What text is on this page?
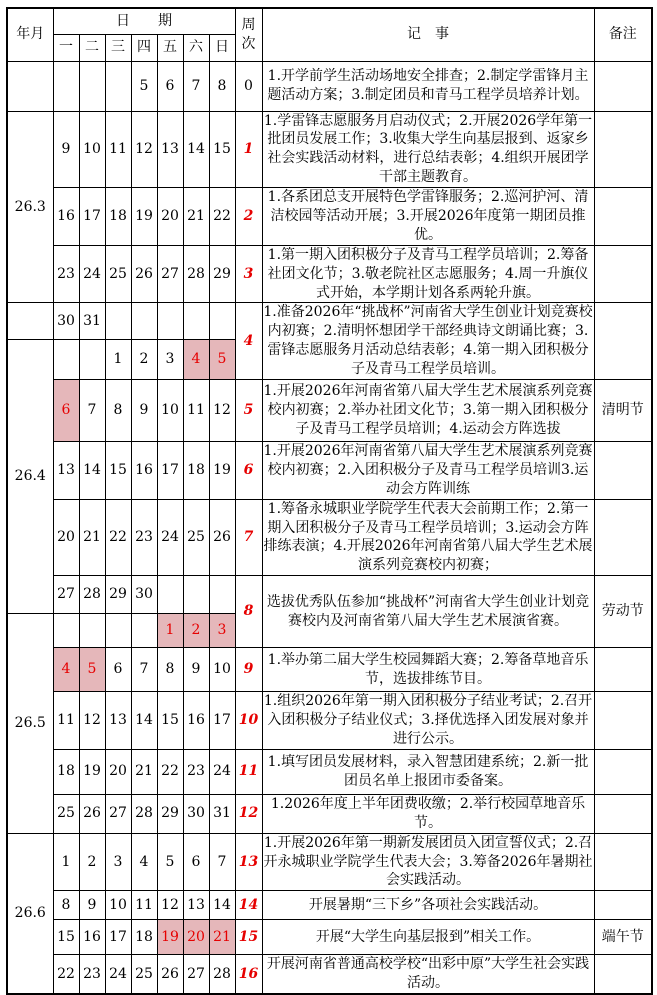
年月	日期							周次	记事	备注
	一	二	三	四	五	六	日			
				5	6	7	8	0	1.开学前学生活动场地安全排查；2.制定学雷锋月主题活动方案；3.制定团员和青马工程学员培养计划。	
26.3	9	10	11	12	13	14	15	1	1.学雷锋志愿服务月启动仪式；2.开展2026学年第一批团员发展工作；3.收集大学生向基层报到、返家乡社会实践活动材料，进行总结表彰；4.组织开展团学干部主题教育。	
	16	17	18	19	20	21	22	2	1.各系团总支开展特色学雷锋服务；2.巡河护河、清洁校园等活动开展；3.开展2026年度第一期团员推优。	
	23	24	25	26	27	28	29	3	1.第一期入团积极分子及青马工程学员培训；2.筹备社团文化节；3.敬老院社区志愿服务；4.周一升旗仪式开始，本学期计划各系两轮升旗。	
	30	31						4	1.准备2026年“挑战杯”河南省大学生创业计划竞赛校内初赛；2.清明怀想团学干部经典诗文朗诵比赛；3.雷锋志愿服务月活动总结表彰；4.第一期入团积极分子及青马工程学员培训。	
26.4			1	2	3	4	5			
	6	7	8	9	10	11	12	5	1.开展2026年河南省第八届大学生艺术展演系列竞赛校内初赛；2.举办社团文化节；3.第一期入团积极分子及青马工程学员培训；4.运动会方阵选拔	清明节
	13	14	15	16	17	18	19	6	1.开展2026年河南省第八届大学生艺术展演系列竞赛校内初赛；2.入团积极分子及青马工程学员培训3.运动会方阵训练	
	20	21	22	23	24	25	26	7	1.筹备永城职业学院学生代表大会前期工作；2.第一期入团积极分子及青马工程学员培训；3.运动会方阵排练表演；4.开展2026年河南省第八届大学生艺术展演系列竞赛校内初赛；	
	27	28	29	30				8	选拔优秀队伍参加“挑战杯”河南省大学生创业计划竞赛校内及河南省第八届大学生艺术展演省赛。	劳动节
26.5					1	2	3			
	4	5	6	7	8	9	10	9	1.举办第二届大学生校园舞蹈大赛；2.筹备草地音乐节，选拔排练节目。	
	11	12	13	14	15	16	17	10	1.组织2026年第一期入团积极分子结业考试；2.召开入团积极分子结业仪式；3.择优选择入团发展对象并进行公示。	
	18	19	20	21	22	23	24	11	1.填写团员发展材料，录入智慧团建系统；2.新一批团员名单上报团市委备案。	
	25	26	27	28	29	30	31	12	1.2026年度上半年团费收缴；2.举行校园草地音乐节。	
26.6	1	2	3	4	5	6	7	13	1.开展2026年第一期新发展团员入团宣誓仪式；2.召开永城职业学院学生代表大会；3.筹备2026年暑期社会实践活动。	
	8	9	10	11	12	13	14	14	开展暑期“三下乡”各项社会实践活动。	
	15	16	17	18	19	20	21	15	开展“大学生向基层报到”相关工作。	端午节
	22	23	24	25	26	27	28	16	开展河南省普通高校学校“出彩中原”大学生社会实践活动。	
